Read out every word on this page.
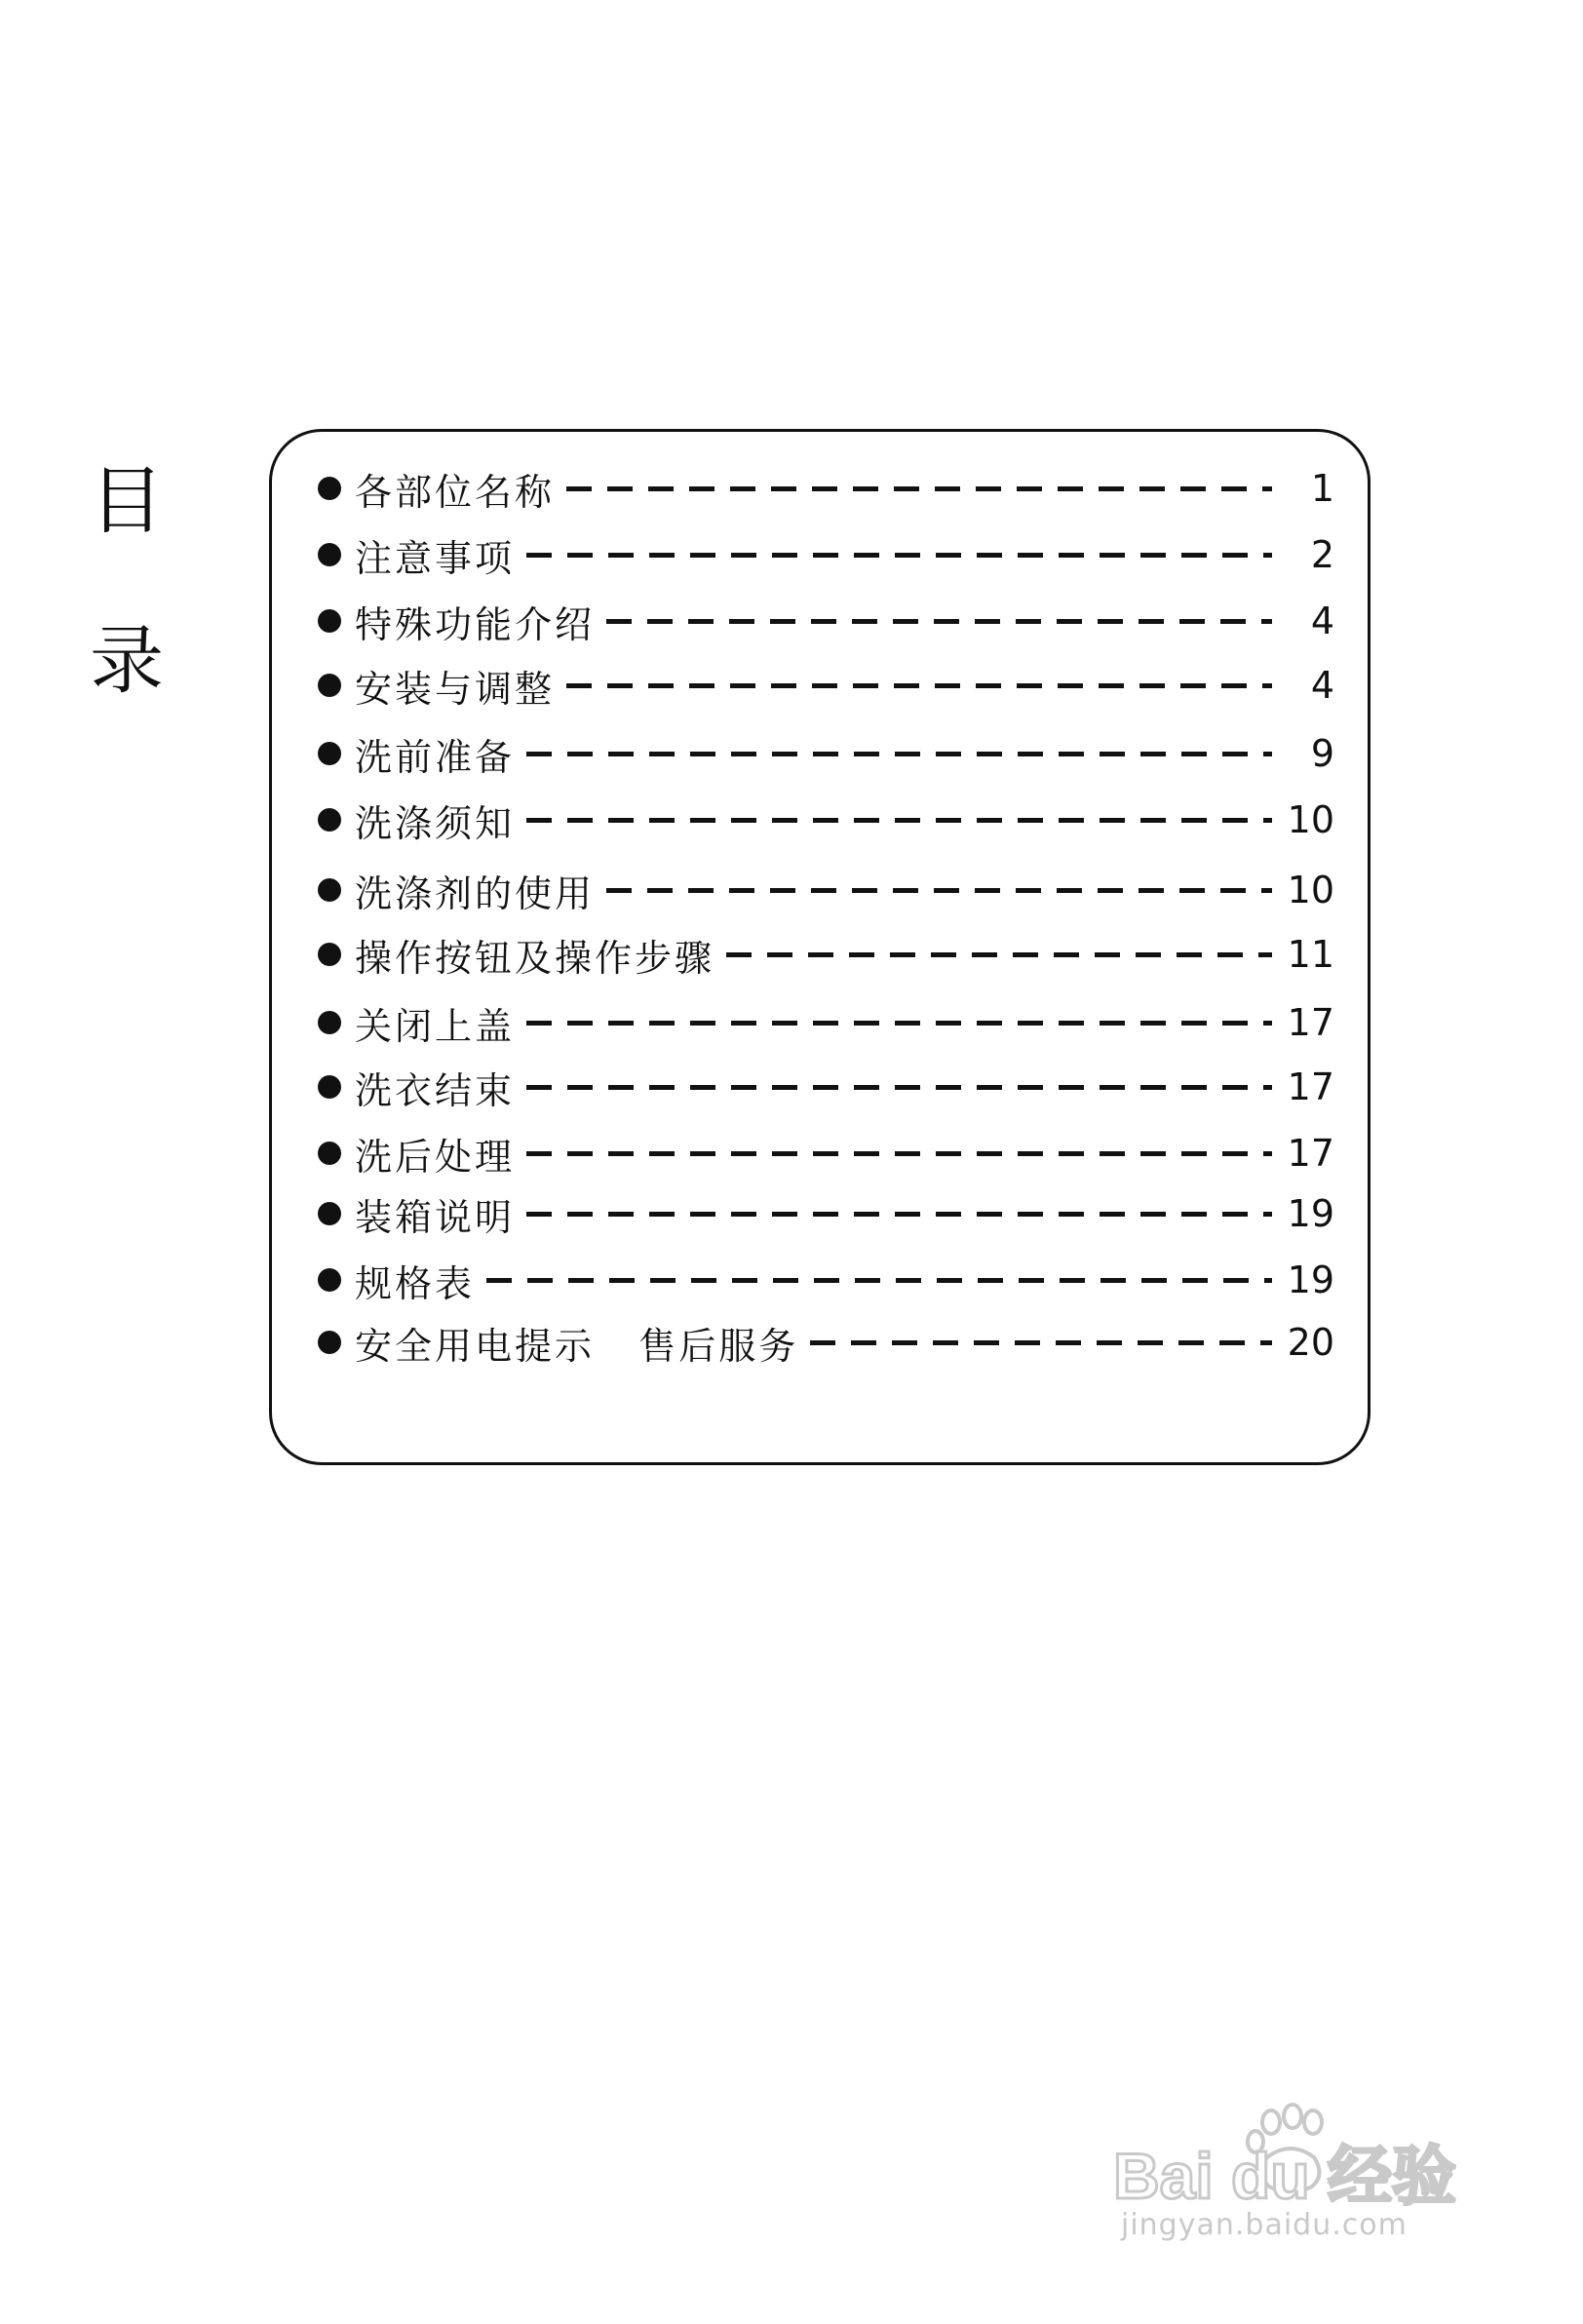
目
录
各部位名称	1
注意事项	2
特殊功能介绍	4
安装与调整	4
洗前准备	9
洗涤须知	10
洗涤剂的使用	10
操作按钮及操作步骤	11
关闭上盖	17
洗衣结束	17
洗后处理	17
装箱说明	19
规格表	19
安全用电提示   售后服务	20
Bai du 经验
jingyan.baidu.com
